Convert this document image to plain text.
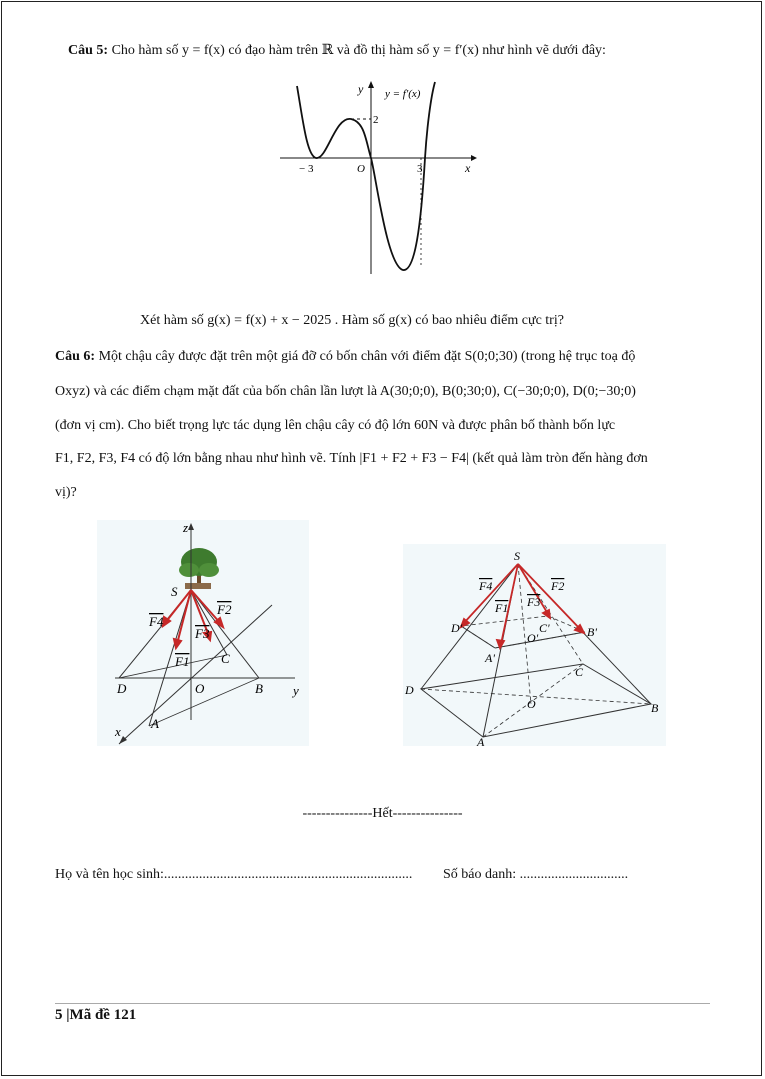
Câu 5: Cho hàm số y = f(x) có đạo hàm trên ℝ và đồ thị hàm số y = f′(x) như hình vẽ dưới đây:
y y = f'(x)
2
x
O
− 3	3
Xét hàm số g(x) = f(x) + x − 2025 . Hàm số g(x) có bao nhiêu điểm cực trị?
Câu 6: Một chậu cây được đặt trên một giá đỡ có bốn chân với điểm đặt S(0;0;30) (trong hệ trục toạ độ
Oxyz) và các điểm chạm mặt đất của bốn chân lần lượt là A(30;0;0), B(0;30;0), C(−30;0;0), D(0;−30;0)
(đơn vị cm). Cho biết trọng lực tác dụng lên chậu cây có độ lớn 60N và được phân bố thành bốn lực
F1, F2, F3, F4 có độ lớn bằng nhau như hình vẽ. Tính |F1 + F2 + F3 − F4| (kết quả làm tròn đến hàng đơn
vị)?
z
S
F4
F2
F3
F1 C
D	O	B y
A
x
S
F4	F2
F1 F3
D'	C'
O'	B'
A'
C
D
O	B
A
---------------Hết---------------
Họ và tên học sinh:....................................................................... Số báo danh: ...............................
5 |Mã đề 121
